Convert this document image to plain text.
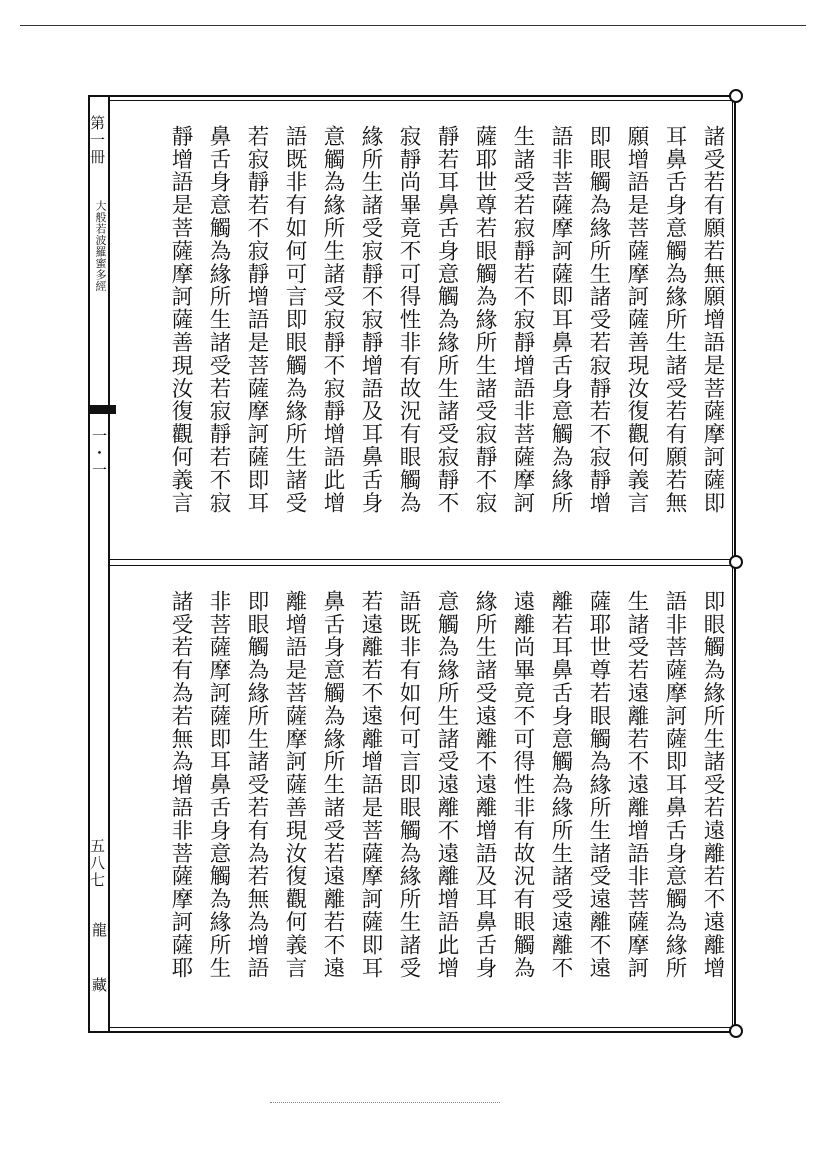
諸受若有願若無願增語是菩薩摩訶薩即
耳鼻舌身意觸為緣所生諸受若有願若無
願增語是菩薩摩訶薩善現汝復觀何義言
即眼觸為緣所生諸受若寂靜若不寂靜增
語非菩薩摩訶薩即耳鼻舌身意觸為緣所
生諸受若寂靜若不寂靜增語非菩薩摩訶
薩耶世尊若眼觸為緣所生諸受寂靜不寂
靜若耳鼻舌身意觸為緣所生諸受寂靜不
寂靜尚畢竟不可得性非有故況有眼觸為
緣所生諸受寂靜不寂靜增語及耳鼻舌身
意觸為緣所生諸受寂靜不寂靜增語此增
語既非有如何可言即眼觸為緣所生諸受
若寂靜若不寂靜增語是菩薩摩訶薩即耳
鼻舌身意觸為緣所生諸受若寂靜若不寂
靜增語是菩薩摩訶薩善現汝復觀何義言
即眼觸為緣所生諸受若遠離若不遠離增
語非菩薩摩訶薩即耳鼻舌身意觸為緣所
生諸受若遠離若不遠離增語非菩薩摩訶
薩耶世尊若眼觸為緣所生諸受遠離不遠
離若耳鼻舌身意觸為緣所生諸受遠離不
遠離尚畢竟不可得性非有故況有眼觸為
緣所生諸受遠離不遠離增語及耳鼻舌身
意觸為緣所生諸受遠離不遠離增語此增
語既非有如何可言即眼觸為緣所生諸受
若遠離若不遠離增語是菩薩摩訶薩即耳
鼻舌身意觸為緣所生諸受若遠離若不遠
離增語是菩薩摩訶薩善現汝復觀何義言
即眼觸為緣所生諸受若有為若無為增語
非菩薩摩訶薩即耳鼻舌身意觸為緣所生
諸受若有為若無為增語非菩薩摩訶薩耶
第一冊
大般若波羅蜜多經
一・一
五八七
龍藏
